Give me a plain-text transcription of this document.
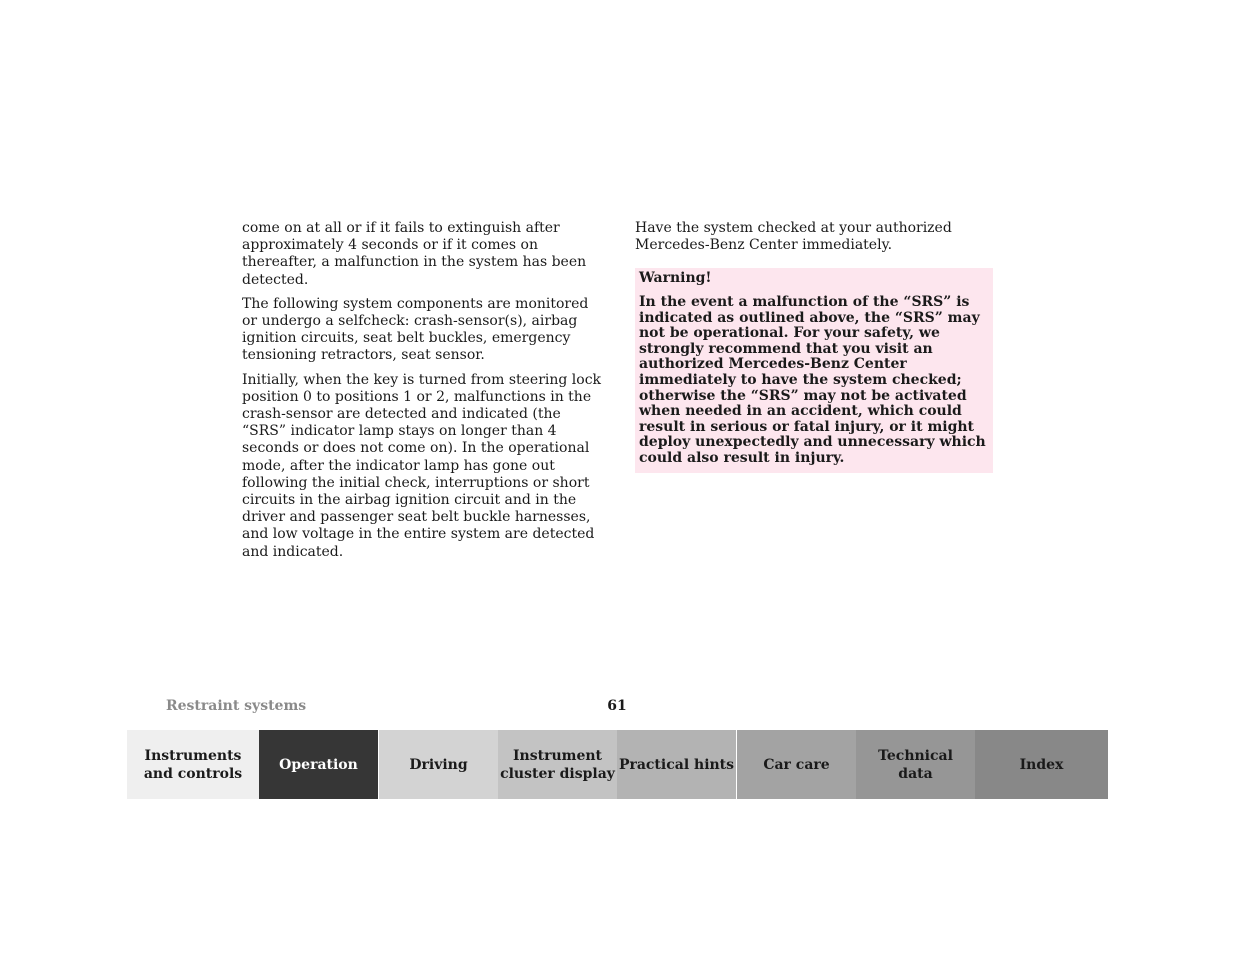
come on at all or if it fails to extinguish after approximately 4 seconds or if it comes on thereafter, a malfunction in the system has been detected.

The following system components are monitored or undergo a selfcheck: crash-sensor(s), airbag ignition circuits, seat belt buckles, emergency tensioning retractors, seat sensor.

Initially, when the key is turned from steering lock position 0 to positions 1 or 2, malfunctions in the crash-sensor are detected and indicated (the “SRS” indicator lamp stays on longer than 4 seconds or does not come on). In the operational mode, after the indicator lamp has gone out following the initial check, interruptions or short circuits in the airbag ignition circuit and in the driver and passenger seat belt buckle harnesses, and low voltage in the entire system are detected and indicated.

Have the system checked at your authorized Mercedes-Benz Center immediately.

Warning!

In the event a malfunction of the “SRS” is indicated as outlined above, the “SRS” may not be operational. For your safety, we strongly recommend that you visit an authorized Mercedes-Benz Center immediately to have the system checked; otherwise the “SRS” may not be activated when needed in an accident, which could result in serious or fatal injury, or it might deploy unexpectedly and unnecessary which could also result in injury.

Restraint systems	61
Instruments
and controls
Operation	Driving
Instrument
cluster display
Practical hints	Car care
Technical
data
Index
